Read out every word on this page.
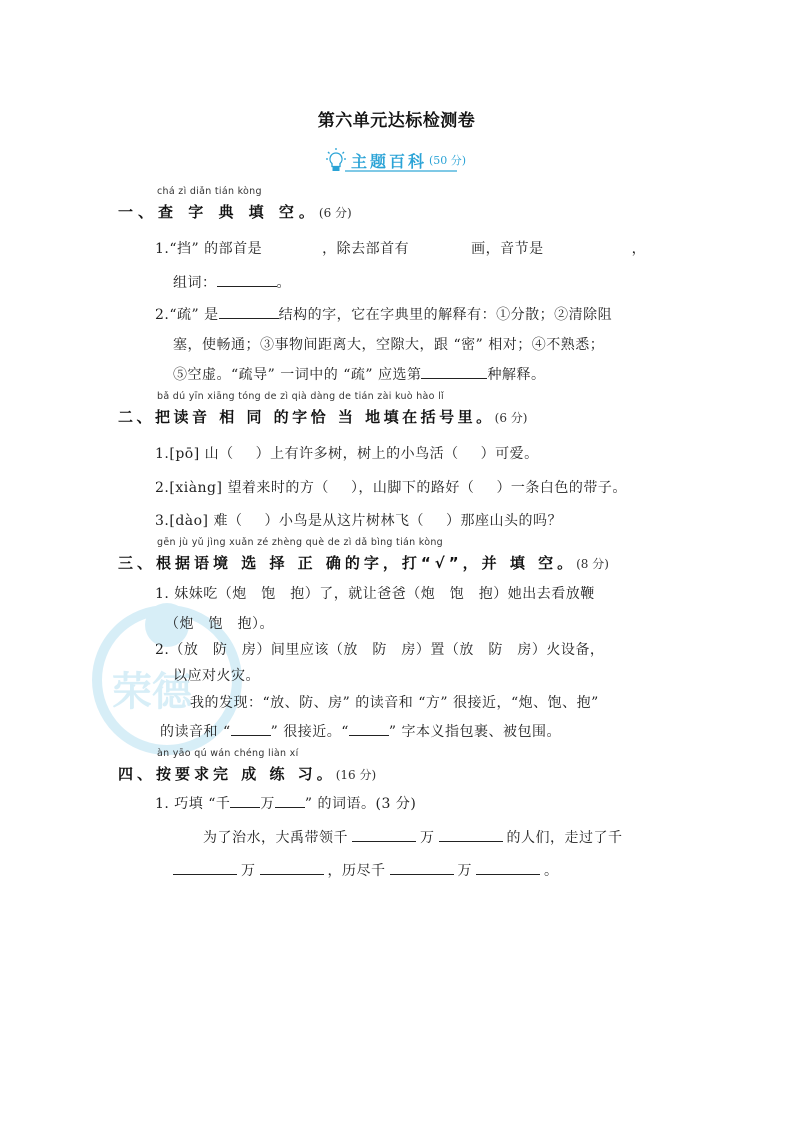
荣德
第六单元达标检测卷
主题百科 (50 分)
chá zì diǎn tián kòng
一、查 字 典 填 空。(6 分)
1.“挡” 的部首是	，除去部首有	画，音节是	，
组词：	。
2.“疏” 是	结构的字，它在字典里的解释有：①分散；②清除阻
塞，使畅通；③事物间距离大，空隙大，跟 “密” 相对；④不熟悉；
⑤空虚。“疏导” 一词中的 “疏” 应选第	种解释。
bǎ dú yīn xiāng tóng de zì qià dàng de tián zài kuò hào lǐ
二、把读音 相 同 的字恰 当 地填在括号里。(6 分)
1.[pō] 山（ ）上有许多树，树上的小鸟活（ ）可爱。
2.[xiàng] 望着来时的方（ ），山脚下的路好（ ）一条白色的带子。
3.[dào] 难（ ）小鸟是从这片树林飞（ ）那座山头的吗？
gēn jù yǔ jìng xuǎn zé zhèng què de zì dǎ bìng tián kòng
三、根据语境 选 择 正 确的字，打“√”，并 填 空。(8 分)
1. 妹妹吃（炮　饱　抱）了，就让爸爸（炮　饱　抱）她出去看放鞭
（炮　饱　抱）。
2.（放　防　房）间里应该（放　防　房）置（放　防　房）火设备，
以应对火灾。
我的发现：“放、防、房” 的读音和 “方” 很接近，“炮、饱、抱”
的读音和 “	” 很接近。“	” 字本义指包裹、被包围。
àn yāo qú wán chéng liàn xí
四、按要求完 成 练 习。(16 分)
1. 巧填 “千 万 ” 的词语。(3 分)
为了治水，大禹带领千	万	的人们，走过了千
万	，历尽千	万	。
